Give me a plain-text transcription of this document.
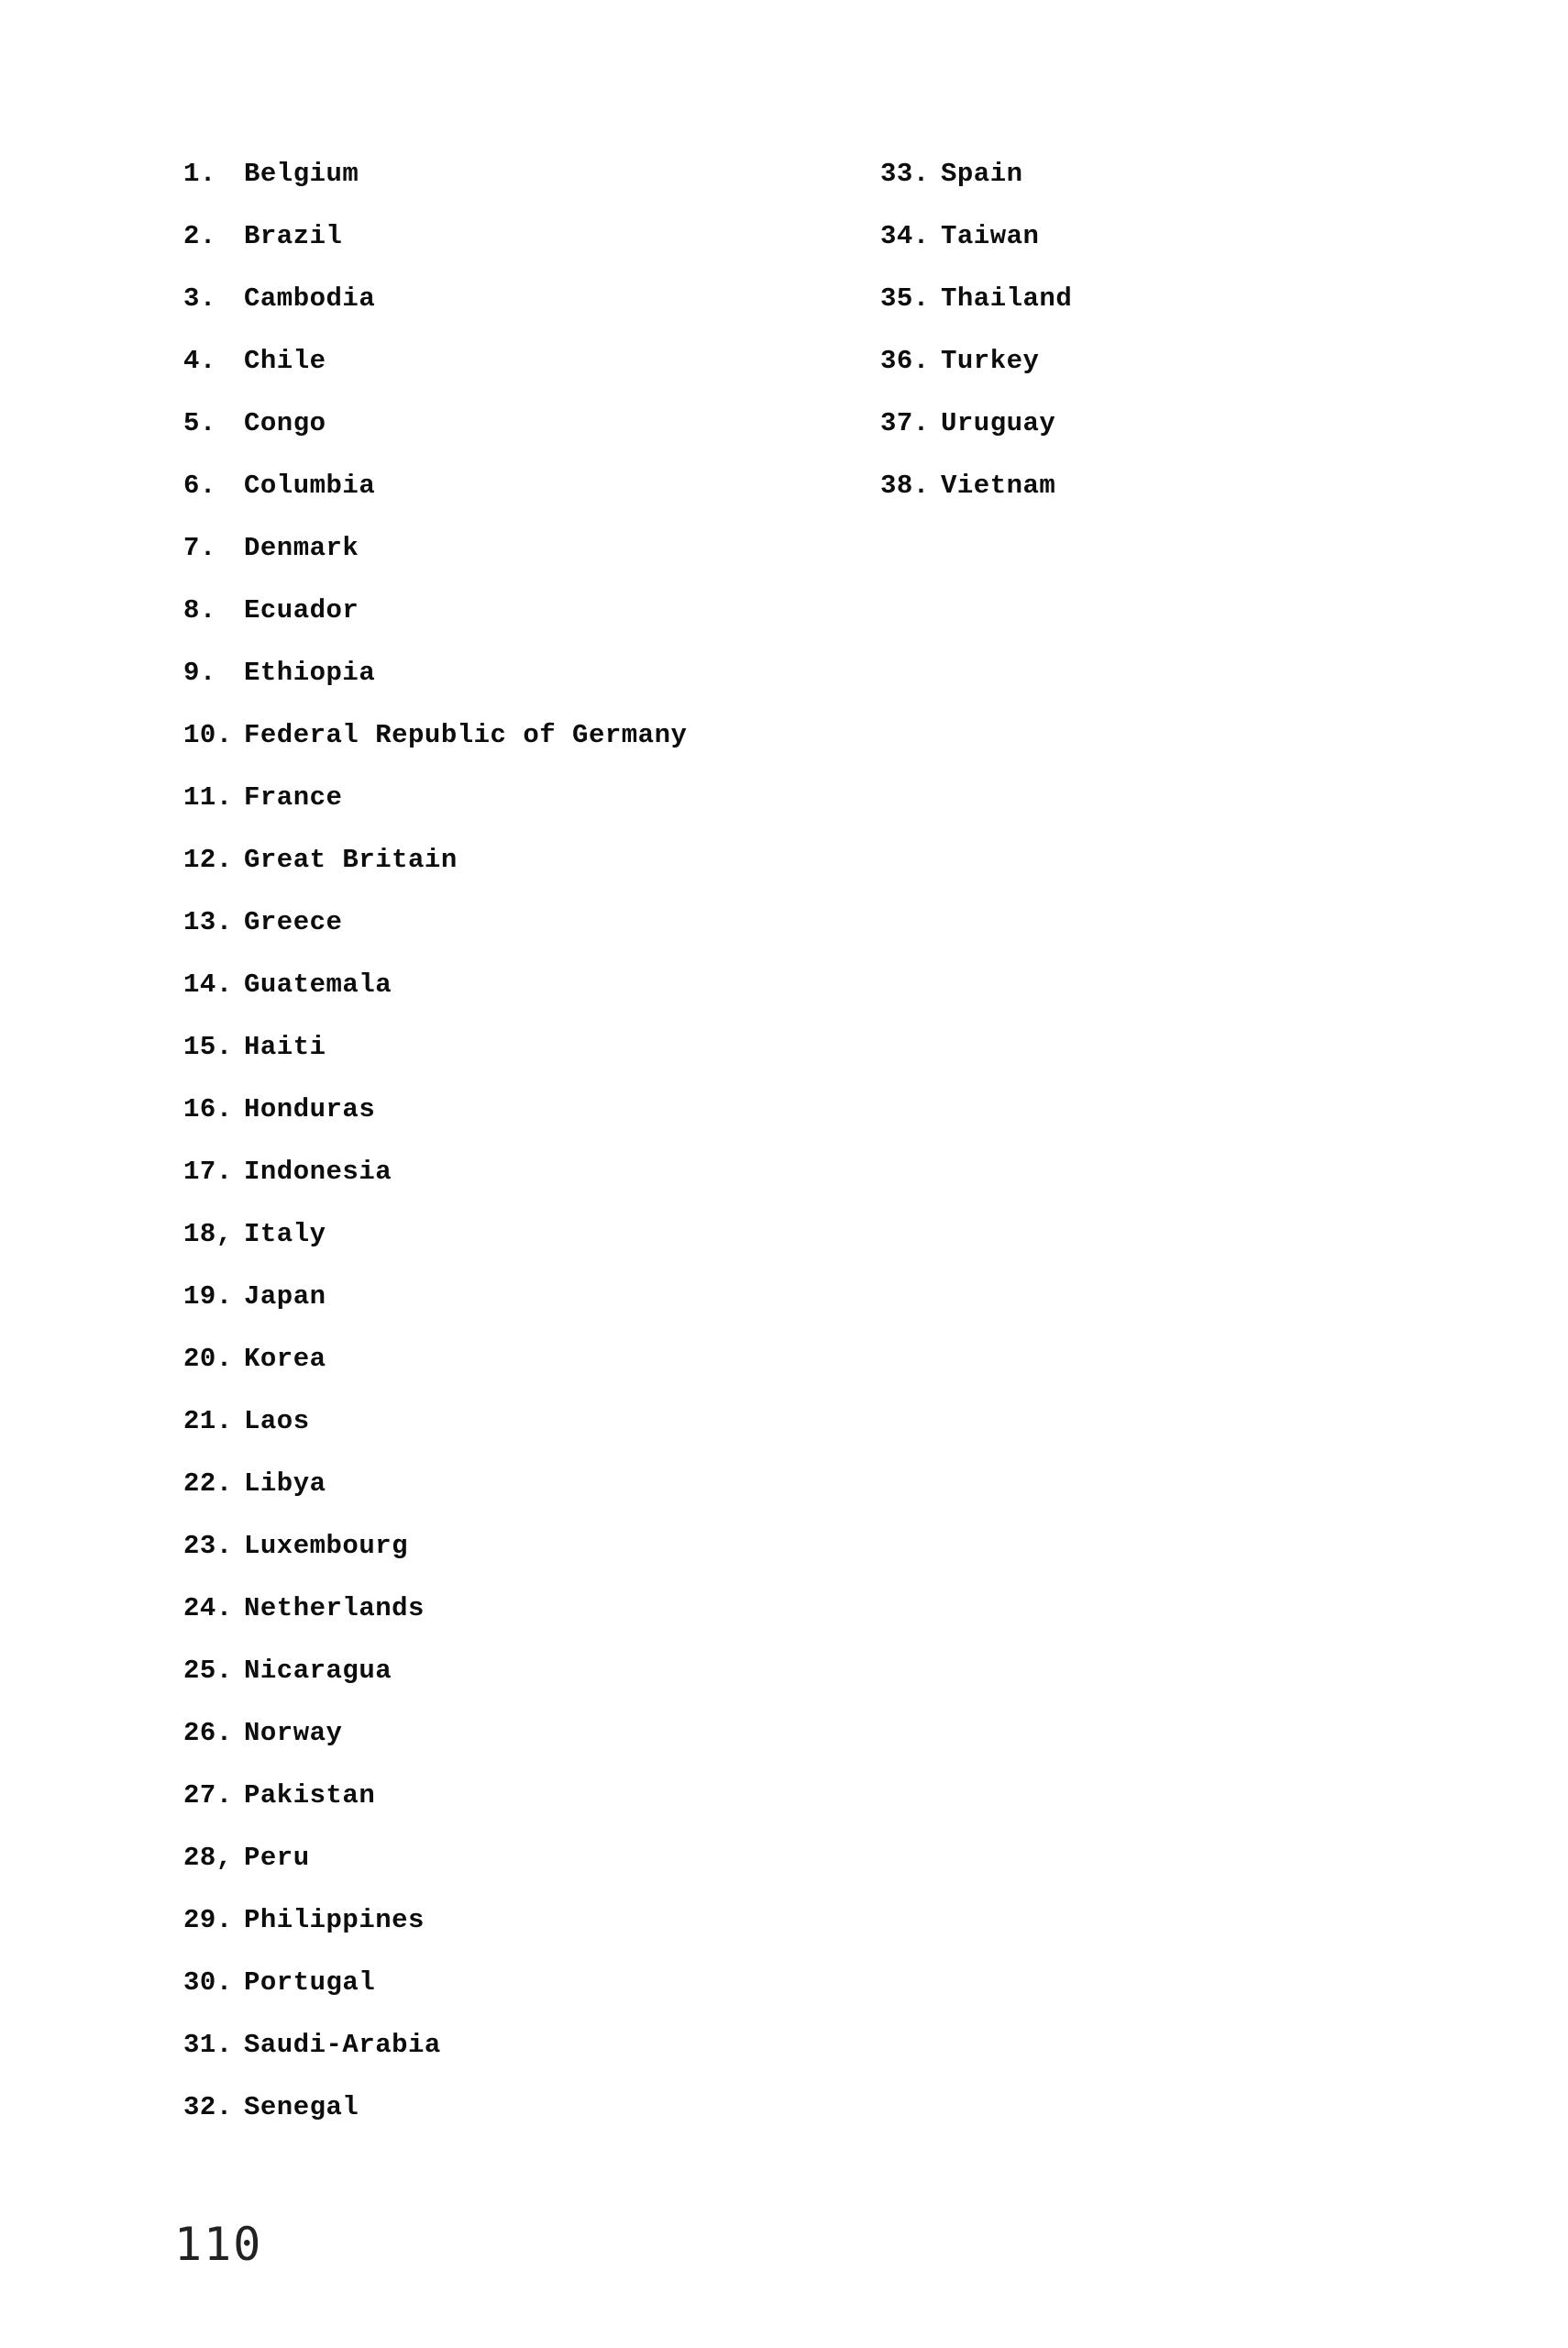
1. Belgium
2. Brazil
3. Cambodia
4. Chile
5. Congo
6. Columbia
7. Denmark
8. Ecuador
9. Ethiopia
10. Federal Republic of Germany
11. France
12. Great Britain
13. Greece
14. Guatemala
15. Haiti
16. Honduras
17. Indonesia
18, Italy
19. Japan
20. Korea
21. Laos
22. Libya
23. Luxembourg
24. Netherlands
25. Nicaragua
26. Norway
27. Pakistan
28, Peru
29. Philippines
30. Portugal
31. Saudi-Arabia
32. Senegal
33. Spain
34. Taiwan
35. Thailand
36. Turkey
37. Uruguay
38. Vietnam
110
